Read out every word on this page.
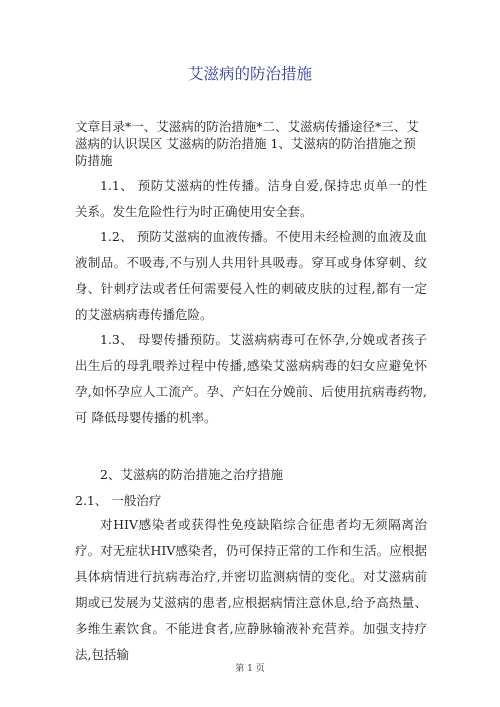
艾滋病的防治措施
文章目录*一、艾滋病的防治措施*二、艾滋病传播途径*三、艾滋病的认识误区 艾滋病的防治措施 1、艾滋病的防治措施之预防措施
1.1、 预防艾滋病的性传播。洁身自爱,保持忠贞单一的性关系。发生危险性行为时正确使用安全套。
1.2、 预防艾滋病的血液传播。不使用未经检测的血液及血液制品。不吸毒,不与别人共用针具吸毒。穿耳或身体穿刺、纹 身、针刺疗法或者任何需要侵入性的刺破皮肤的过程,都有一定 的艾滋病病毒传播危险。
1.3、 母婴传播预防。艾滋病病毒可在怀孕,分娩或者孩子出生后的母乳喂养过程中传播,感染艾滋病病毒的妇女应避免怀孕,如怀孕应人工流产。孕、产妇在分娩前、后使用抗病毒药物,可 降低母婴传播的机率。
2、艾滋病的防治措施之治疗措施
2.1、 一般治疗
对HIV感染者或获得性免疫缺陷综合征患者均无须隔离治 疗。对无症状HIV感染者，仍可保持正常的工作和生活。应根据 具体病情进行抗病毒治疗,并密切监测病情的变化。对艾滋病前 期或已发展为艾滋病的患者,应根据病情注意休息,给予高热量、 多维生素饮食。不能进食者,应静脉输液补充营养。加强支持疗 法,包括输
第 1 页
